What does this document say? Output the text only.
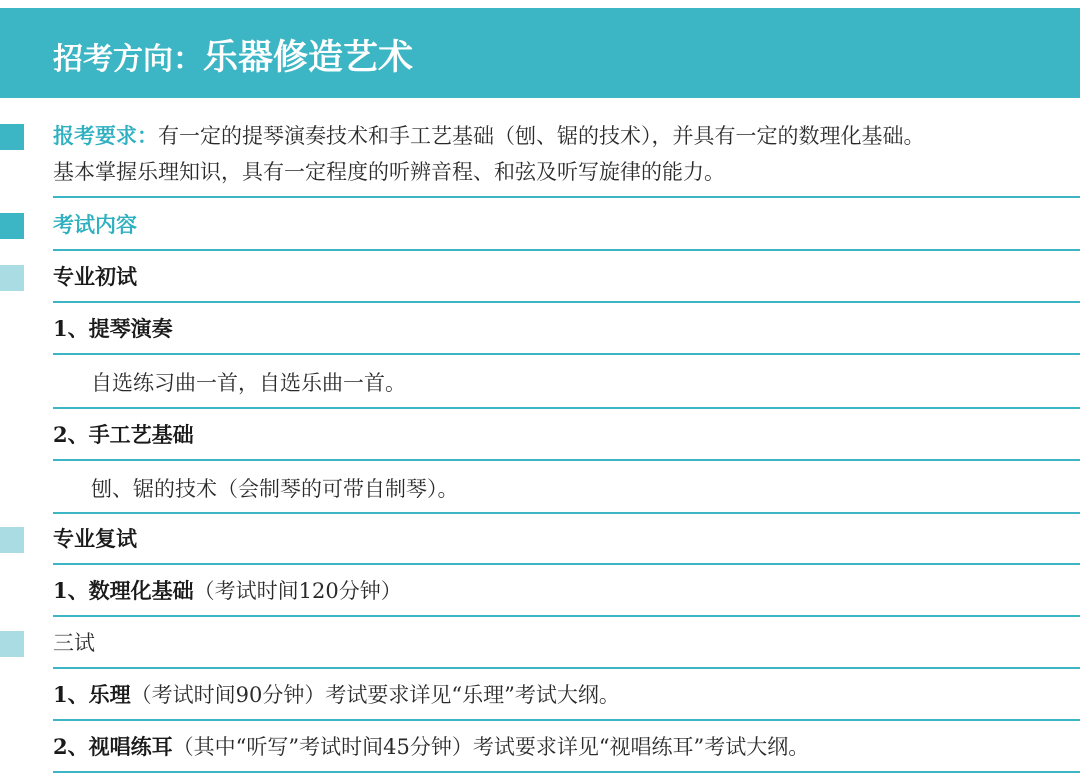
招考方向：乐器修造艺术
报考要求：有一定的提琴演奏技术和手工艺基础（刨、锯的技术），并具有一定的数理化基础。
基本掌握乐理知识，具有一定程度的听辨音程、和弦及听写旋律的能力。
考试内容
专业初试
1、提琴演奏
自选练习曲一首，自选乐曲一首。
2、手工艺基础
刨、锯的技术（会制琴的可带自制琴）。
专业复试
1、数理化基础（考试时间120分钟）
三试
1、乐理（考试时间90分钟）考试要求详见“乐理”考试大纲。
2、视唱练耳（其中“听写”考试时间45分钟）考试要求详见“视唱练耳”考试大纲。
